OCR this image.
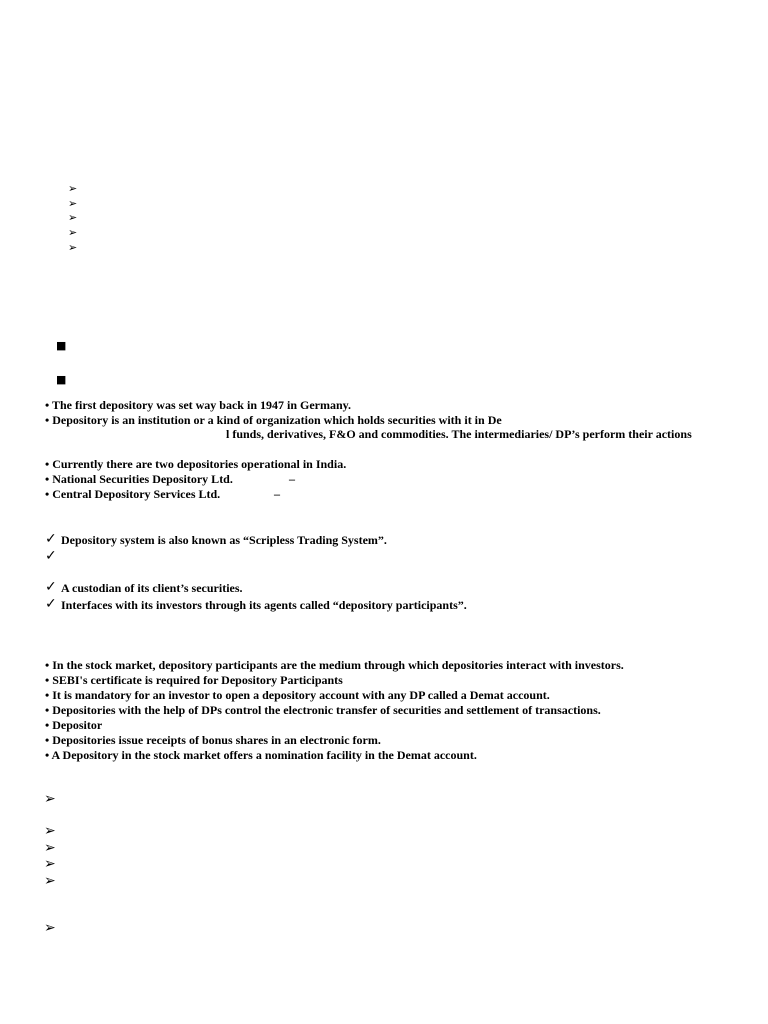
➢
➢
➢
➢
➢
■
■
• The first depository was set way back in 1947 in Germany.
• Depository is an institution or a kind of organization which holds securities with it in De
l funds, derivatives, F&O and commodities. The intermediaries/ DP’s perform their actions
• Currently there are two depositories operational in India.
• National Securities Depository Ltd.	–
• Central Depository Services Ltd.	–
✓ Depository system is also known as “Scripless Trading System”.
✓
✓ A custodian of its client’s securities.
✓ Interfaces with its investors through its agents called “depository participants”.
• In the stock market, depository participants are the medium through which depositories interact with investors.
• SEBI's certificate is required for Depository Participants
• It is mandatory for an investor to open a depository account with any DP called a Demat account.
• Depositories with the help of DPs control the electronic transfer of securities and settlement of transactions.
• Depositor
• Depositories issue receipts of bonus shares in an electronic form.
• A Depository in the stock market offers a nomination facility in the Demat account.
➢
➢
➢
➢
➢
➢
